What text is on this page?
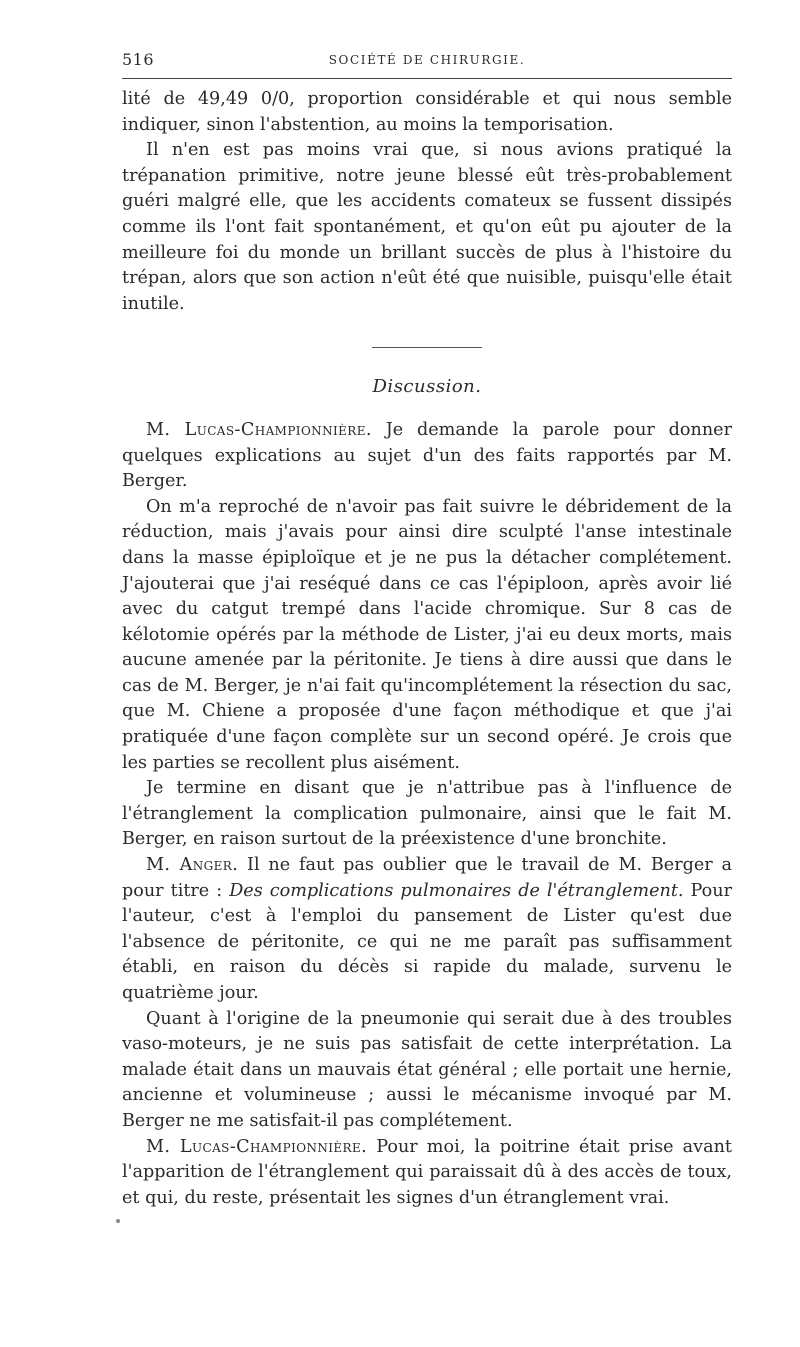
516	SOCIÉTÉ DE CHIRURGIE.

lité de 49,49 0/0, proportion considérable et qui nous semble indiquer, sinon l'abstention, au moins la temporisation.

Il n'en est pas moins vrai que, si nous avions pratiqué la trépanation primitive, notre jeune blessé eût très-probablement guéri malgré elle, que les accidents comateux se fussent dissipés comme ils l'ont fait spontanément, et qu'on eût pu ajouter de la meilleure foi du monde un brillant succès de plus à l'histoire du trépan, alors que son action n'eût été que nuisible, puisqu'elle était inutile.

Discussion.

M. Lucas-Championnière. Je demande la parole pour donner quelques explications au sujet d'un des faits rapportés par M. Berger.

On m'a reproché de n'avoir pas fait suivre le débridement de la réduction, mais j'avais pour ainsi dire sculpté l'anse intestinale dans la masse épiploïque et je ne pus la détacher complétement. J'ajouterai que j'ai reséqué dans ce cas l'épiploon, après avoir lié avec du catgut trempé dans l'acide chromique. Sur 8 cas de kélotomie opérés par la méthode de Lister, j'ai eu deux morts, mais aucune amenée par la péritonite. Je tiens à dire aussi que dans le cas de M. Berger, je n'ai fait qu'incomplétement la résection du sac, que M. Chiene a proposée d'une façon méthodique et que j'ai pratiquée d'une façon complète sur un second opéré. Je crois que les parties se recollent plus aisément.

Je termine en disant que je n'attribue pas à l'influence de l'étranglement la complication pulmonaire, ainsi que le fait M. Berger, en raison surtout de la préexistence d'une bronchite.

M. Anger. Il ne faut pas oublier que le travail de M. Berger a pour titre : Des complications pulmonaires de l'étranglement. Pour l'auteur, c'est à l'emploi du pansement de Lister qu'est due l'absence de péritonite, ce qui ne me paraît pas suffisamment établi, en raison du décès si rapide du malade, survenu le quatrième jour.

Quant à l'origine de la pneumonie qui serait due à des troubles vaso-moteurs, je ne suis pas satisfait de cette interprétation. La malade était dans un mauvais état général ; elle portait une hernie, ancienne et volumineuse ; aussi le mécanisme invoqué par M. Berger ne me satisfait-il pas complétement.

M. Lucas-Championnière. Pour moi, la poitrine était prise avant l'apparition de l'étranglement qui paraissait dû à des accès de toux, et qui, du reste, présentait les signes d'un étranglement vrai.
